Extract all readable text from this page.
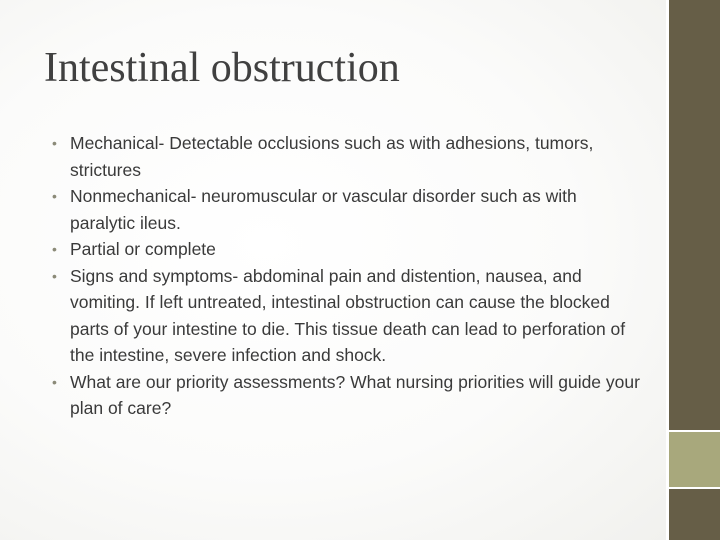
Intestinal obstruction
• Mechanical- Detectable occlusions such as with adhesions, tumors, strictures
• Nonmechanical- neuromuscular or vascular disorder such as with paralytic ileus.
• Partial or complete
• Signs and symptoms- abdominal pain and distention, nausea, and vomiting. If left untreated, intestinal obstruction can cause the blocked parts of your intestine to die. This tissue death can lead to perforation of the intestine, severe infection and shock.
• What are our priority assessments? What nursing priorities will guide your plan of care?
